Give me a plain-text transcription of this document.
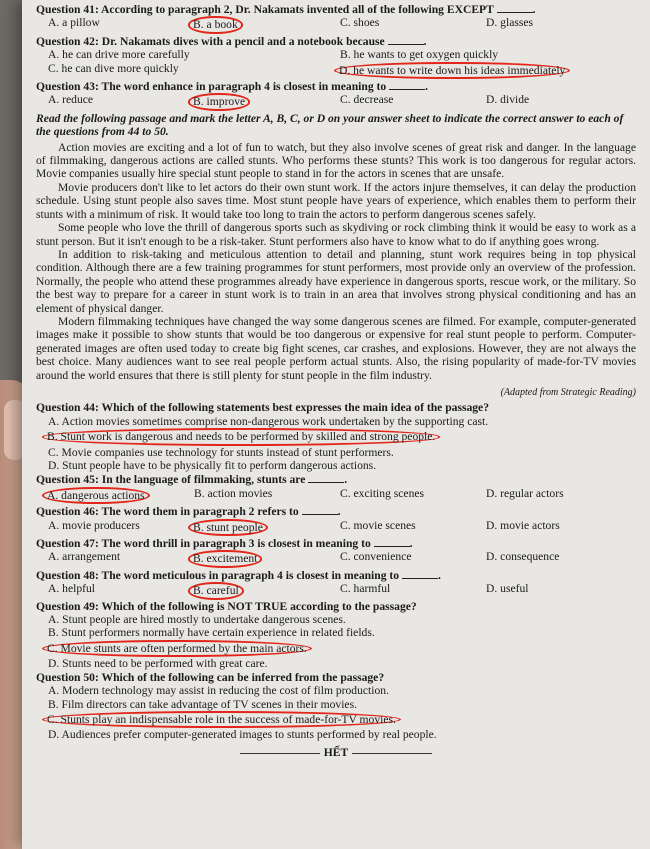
Question 41: According to paragraph 2, Dr. Nakamats invented all of the following EXCEPT	.

A. a pillow	B. a book	C. shoes	D. glasses

Question 42: Dr. Nakamats dives with a pencil and a notebook because	.

A. he can drive more carefully	B. he wants to get oxygen quickly
C. he can dive more quickly	D. he wants to write down his ideas immediately

Question 43: The word enhance in paragraph 4 is closest in meaning to	.

A. reduce	B. improve	C. decrease	D. divide

Read the following passage and mark the letter A, B, C, or D on your answer sheet to indicate the correct answer to each of the questions from 44 to 50.

Action movies are exciting and a lot of fun to watch, but they also involve scenes of great risk and danger. In the language of filmmaking, dangerous actions are called stunts. Who performs these stunts? This work is too dangerous for regular actors. Movie companies usually hire special stunt people to stand in for the actors in scenes that are unsafe.

Movie producers don't like to let actors do their own stunt work. If the actors injure themselves, it can delay the production schedule. Using stunt people also saves time. Most stunt people have years of experience, which enables them to perform their stunts with a minimum of risk. It would take too long to train the actors to perform dangerous scenes safely.

Some people who love the thrill of dangerous sports such as skydiving or rock climbing think it would be easy to work as a stunt person. But it isn't enough to be a risk-taker. Stunt performers also have to know what to do if anything goes wrong.

In addition to risk-taking and meticulous attention to detail and planning, stunt work requires being in top physical condition. Although there are a few training programmes for stunt performers, most provide only an overview of the profession. Normally, the people who attend these programmes already have experience in dangerous sports, rescue work, or the military. So the best way to prepare for a career in stunt work is to train in an area that involves strong physical conditioning and has an element of physical danger.

Modern filmmaking techniques have changed the way some dangerous scenes are filmed. For example, computer-generated images make it possible to show stunts that would be too dangerous or expensive for real stunt people to perform. Computer-generated images are often used today to create big fight scenes, car crashes, and explosions. However, they are not always the best choice. Many audiences want to see real people perform actual stunts. Also, the rising popularity of made-for-TV movies around the world ensures that there is still plenty for stunt people in the film industry.

(Adapted from Strategic Reading)

Question 44: Which of the following statements best expresses the main idea of the passage?

A. Action movies sometimes comprise non-dangerous work undertaken by the supporting cast.
B. Stunt work is dangerous and needs to be performed by skilled and strong people.
C. Movie companies use technology for stunts instead of stunt performers.
D. Stunt people have to be physically fit to perform dangerous actions.

Question 45: In the language of filmmaking, stunts are	.

A. dangerous actions	B. action movies	C. exciting scenes	D. regular actors

Question 46: The word them in paragraph 2 refers to	.

A. movie producers	B. stunt people	C. movie scenes	D. movie actors

Question 47: The word thrill in paragraph 3 is closest in meaning to	.

A. arrangement	B. excitement	C. convenience	D. consequence

Question 48: The word meticulous in paragraph 4 is closest in meaning to	.

A. helpful	B. careful	C. harmful	D. useful

Question 49: Which of the following is NOT TRUE according to the passage?

A. Stunt people are hired mostly to undertake dangerous scenes.
B. Stunt performers normally have certain experience in related fields.
C. Movie stunts are often performed by the main actors.
D. Stunts need to be performed with great care.

Question 50: Which of the following can be inferred from the passage?

A. Modern technology may assist in reducing the cost of film production.
B. Film directors can take advantage of TV scenes in their movies.
C. Stunts play an indispensable role in the success of made-for-TV movies.
D. Audiences prefer computer-generated images to stunts performed by real people.
HẾT
